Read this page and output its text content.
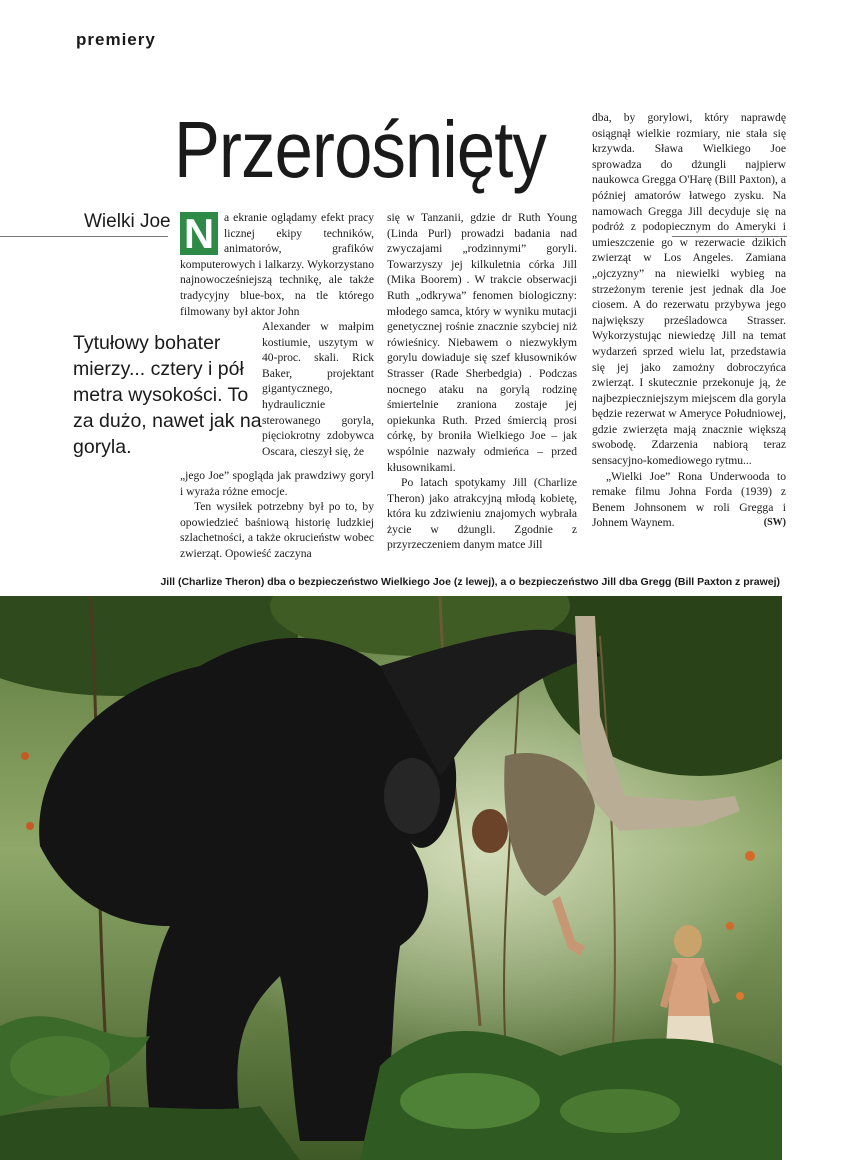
premiery
Przerośnięty
Wielki Joe
Tytułowy bohater mierzy... cztery i pół metra wysokości. To za dużo, nawet jak na goryla.

N a ekranie oglądamy efekt pracy licznej ekipy techników, animatorów, grafików komputerowych i lalkarzy. Wykorzystano najnowocześniejszą technikę, ale także tradycyjny blue-box, na tle którego filmowany był aktor John

Alexander w małpim kostiumie, uszytym w 40-proc. skali. Rick Baker, projektant gigantycznego, hydraulicznie sterowanego goryla, pięciokrotny zdobywca Oscara, cieszył się, że

„jego Joe” spogląda jak prawdziwy goryl i wyraża różne emocje.

Ten wysiłek potrzebny był po to, by opowiedzieć baśniową historię ludzkiej szlachetności, a także okrucieństw wobec zwierząt. Opowieść zaczyna

się w Tanzanii, gdzie dr Ruth Young (Linda Purl) prowadzi badania nad zwyczajami „rodzinnymi” goryli. Towarzyszy jej kilkuletnia córka Jill (Mika Boorem) . W trakcie obserwacji Ruth „odkrywa” fenomen biologiczny: młodego samca, który w wyniku mutacji genetycznej rośnie znacznie szybciej niż rówieśnicy. Niebawem o niezwykłym gorylu dowiaduje się szef kłusowników Strasser (Rade Sherbedgia) . Podczas nocnego ataku na gorylą rodzinę śmiertelnie zraniona zostaje jej opiekunka Ruth. Przed śmiercią prosi córkę, by broniła Wielkiego Joe – jak wspólnie nazwały odmieńca – przed kłusownikami.

Po latach spotykamy Jill (Charlize Theron) jako atrakcyjną młodą kobietę, która ku zdziwieniu znajomych wybrała życie w dżungli. Zgodnie z przyrzeczeniem danym matce Jill

dba, by gorylowi, który naprawdę osiągnął wielkie rozmiary, nie stała się krzywda. Sława Wielkiego Joe sprowadza do dżungli najpierw naukowca Gregga O'Harę (Bill Paxton), a później amatorów łatwego zysku. Na namowach Gregga Jill decyduje się na podróż z podopiecznym do Ameryki i umieszczenie go w rezerwacie dzikich zwierząt w Los Angeles. Zamiana „ojczyzny” na niewielki wybieg na strzeżonym terenie jest jednak dla Joe ciosem. A do rezerwatu przybywa jego największy prześladowca Strasser. Wykorzystując niewiedzę Jill na temat wydarzeń sprzed wielu lat, przedstawia się jej jako zamożny dobroczyńca zwierząt. I skutecznie przekonuje ją, że najbezpieczniejszym miejscem dla goryla będzie rezerwat w Ameryce Południowej, gdzie zwierzęta mają znacznie większą swobodę. Zdarzenia nabiorą teraz sensacyjno-komediowego rytmu...

„Wielki Joe” Rona Underwooda to remake filmu Johna Forda (1939) z Benem Johnsonem w roli Gregga i Johnem Waynem.	(SW)

Jill (Charlize Theron) dba o bezpieczeństwo Wielkiego Joe (z lewej), a o bezpieczeństwo Jill dba Gregg (Bill Paxton z prawej)
